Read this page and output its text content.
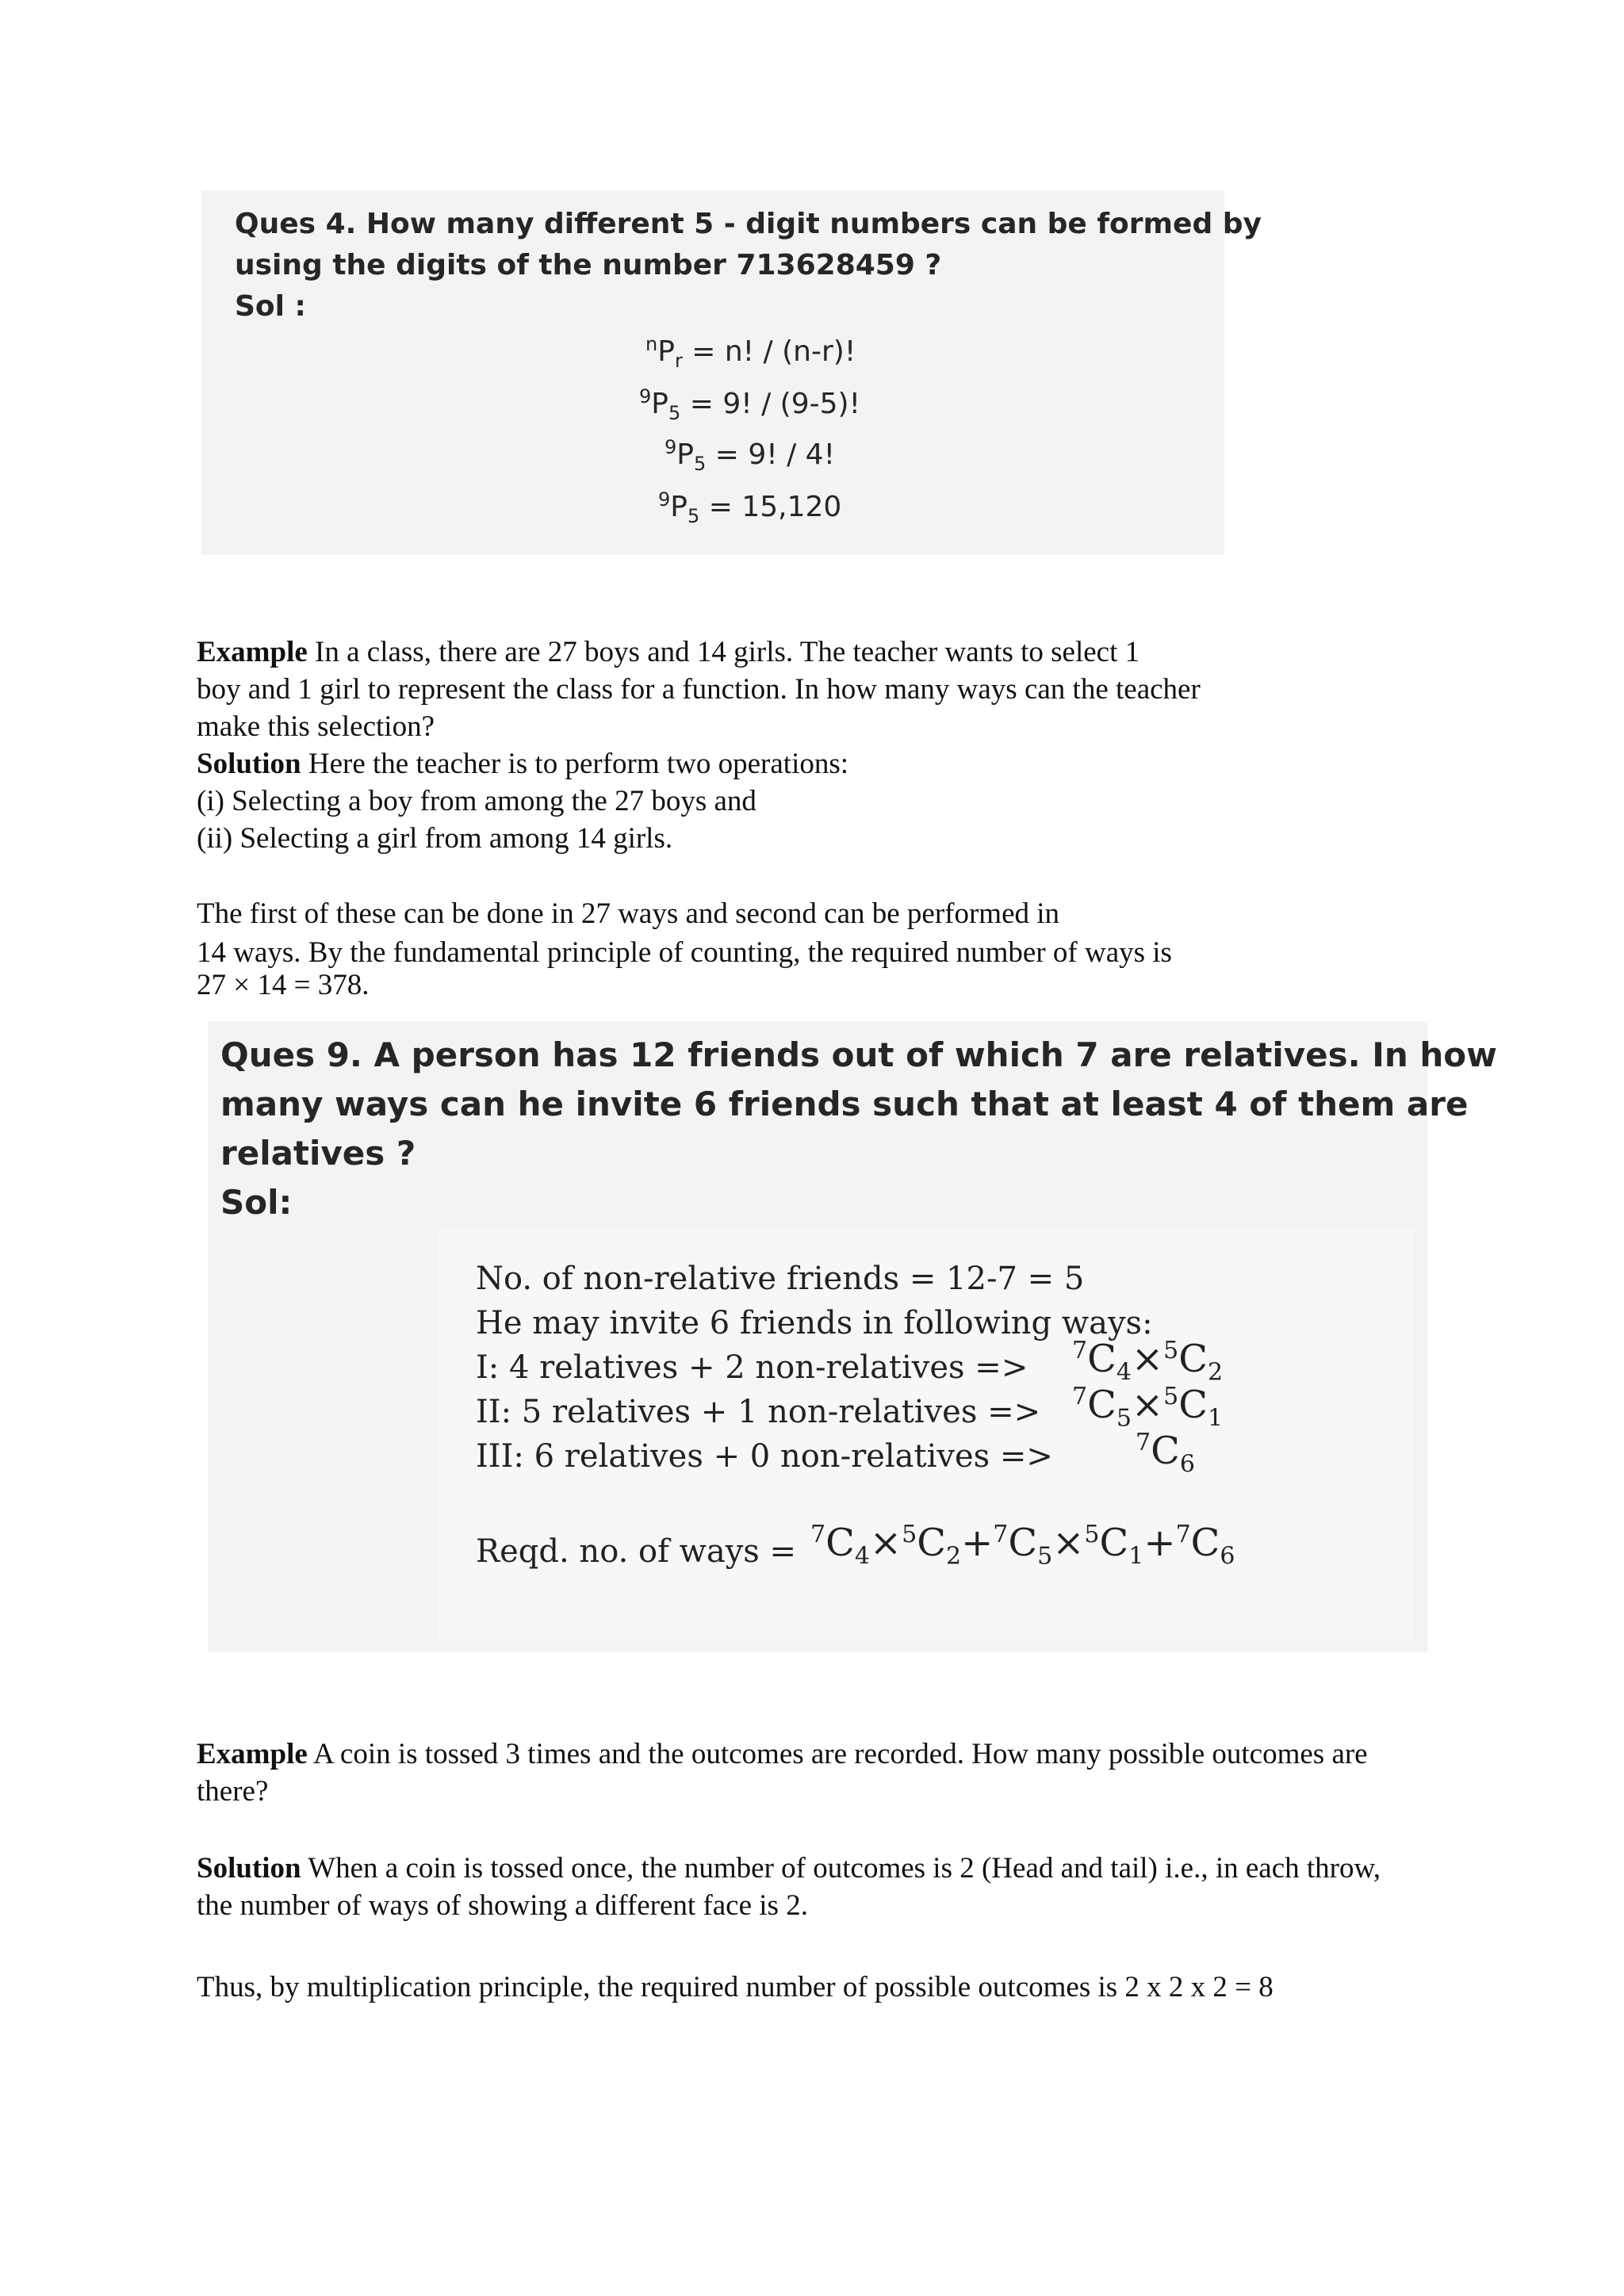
Ques 4. How many different 5 - digit numbers can be formed by
using the digits of the number 713628459 ?
Sol :
$^nP_r = n$! / (n-r)!
$^9P_5 = 9$! / (9-5)!
$^9P_5 = 9$! / 4!
$^9P_5 = 15,120$
Example In a class, there are 27 boys and 14 girls. The teacher wants to select 1
boy and 1 girl to represent the class for a function. In how many ways can the teacher
make this selection?
Solution Here the teacher is to perform two operations:
(i) Selecting a boy from among the 27 boys and
(ii) Selecting a girl from among 14 girls.
The first of these can be done in 27 ways and second can be performed in
14 ways. By the fundamental principle of counting, the required number of ways is
27 × 14 = 378.
Ques 9. A person has 12 friends out of which 7 are relatives. In how
many ways can he invite 6 friends such that at least 4 of them are
relatives ?
Sol:
No. of non-relative friends = 12-7 = 5
He may invite 6 friends in following ways:
I: 4 relatives + 2 non-relatives => $^7C_4\times^5C_2$
II: 5 relatives + 1 non-relatives => $^7C_5\times^5C_1$
III: 6 relatives + 0 non-relatives =>	$^7C_6$
Reqd. no. of ways = $^7C_4\times^5C_2+^7C_5\times^5C_1+^7C_6$
Example A coin is tossed 3 times and the outcomes are recorded. How many possible outcomes are
there?
Solution When a coin is tossed once, the number of outcomes is 2 (Head and tail) i.e., in each throw,
the number of ways of showing a different face is 2.
Thus, by multiplication principle, the required number of possible outcomes is 2 x 2 x 2 = 8
